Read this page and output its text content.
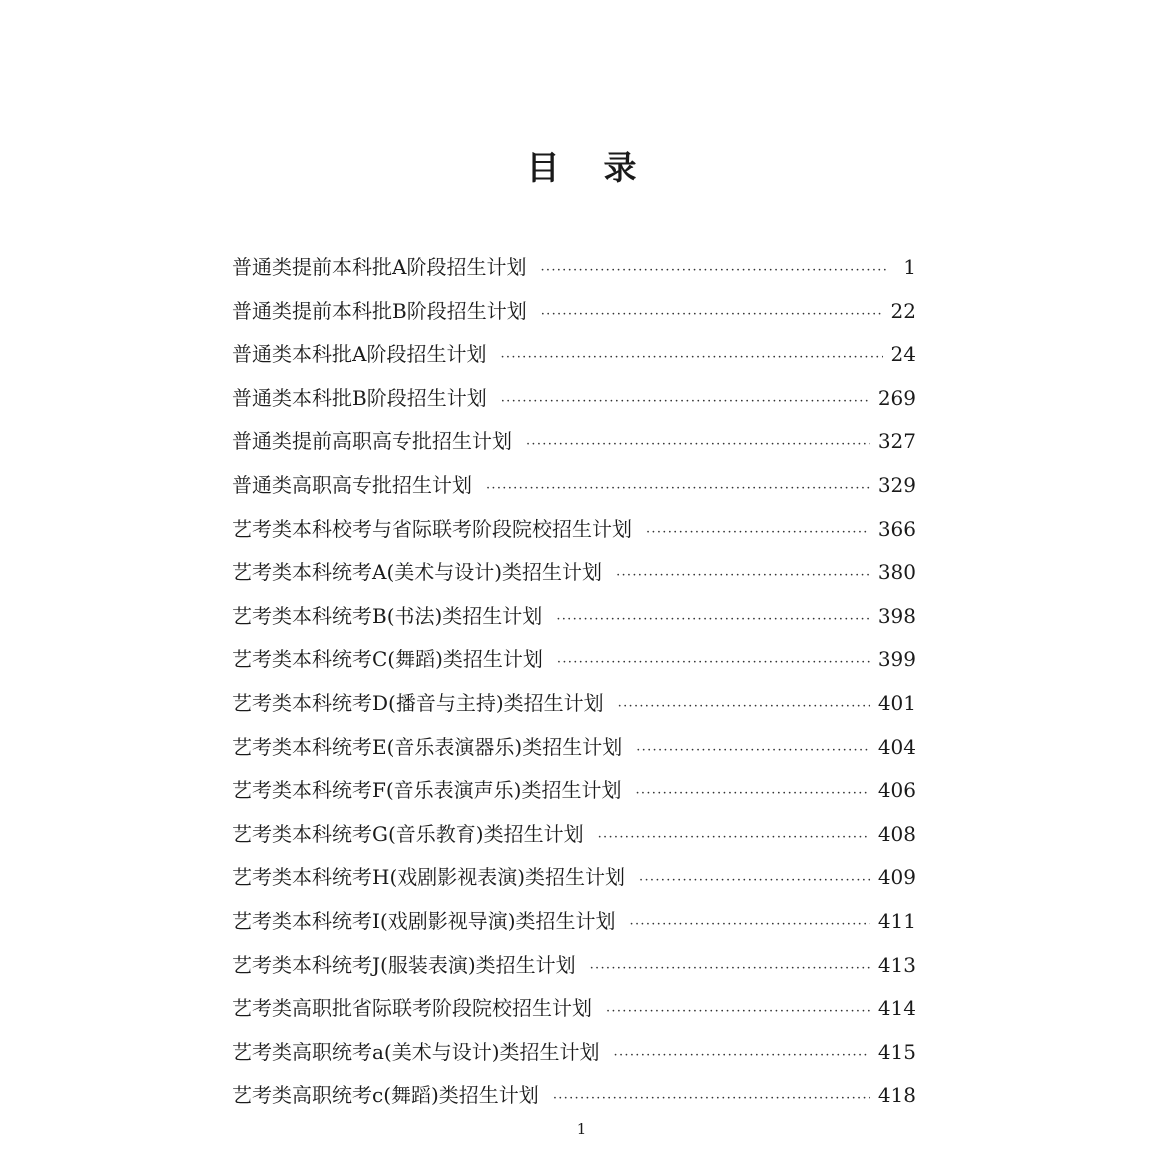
目录
普通类提前本科批A阶段招生计划 ·····	1
普通类提前本科批B阶段招生计划 ·····	22
普通类本科批A阶段招生计划 ·····	24
普通类本科批B阶段招生计划 ·····	269
普通类提前高职高专批招生计划 ·····	327
普通类高职高专批招生计划 ·····	329
艺考类本科校考与省际联考阶段院校招生计划 ·····	366
艺考类本科统考A(美术与设计)类招生计划 ·····	380
艺考类本科统考B(书法)类招生计划 ·····	398
艺考类本科统考C(舞蹈)类招生计划 ·····	399
艺考类本科统考D(播音与主持)类招生计划 ·····	401
艺考类本科统考E(音乐表演器乐)类招生计划 ·····	404
艺考类本科统考F(音乐表演声乐)类招生计划 ·····	406
艺考类本科统考G(音乐教育)类招生计划 ·····	408
艺考类本科统考H(戏剧影视表演)类招生计划 ·····	409
艺考类本科统考I(戏剧影视导演)类招生计划 ·····	411
艺考类本科统考J(服装表演)类招生计划 ·····	413
艺考类高职批省际联考阶段院校招生计划 ·····	414
艺考类高职统考a(美术与设计)类招生计划 ·····	415
艺考类高职统考c(舞蹈)类招生计划 ·····	418
1
